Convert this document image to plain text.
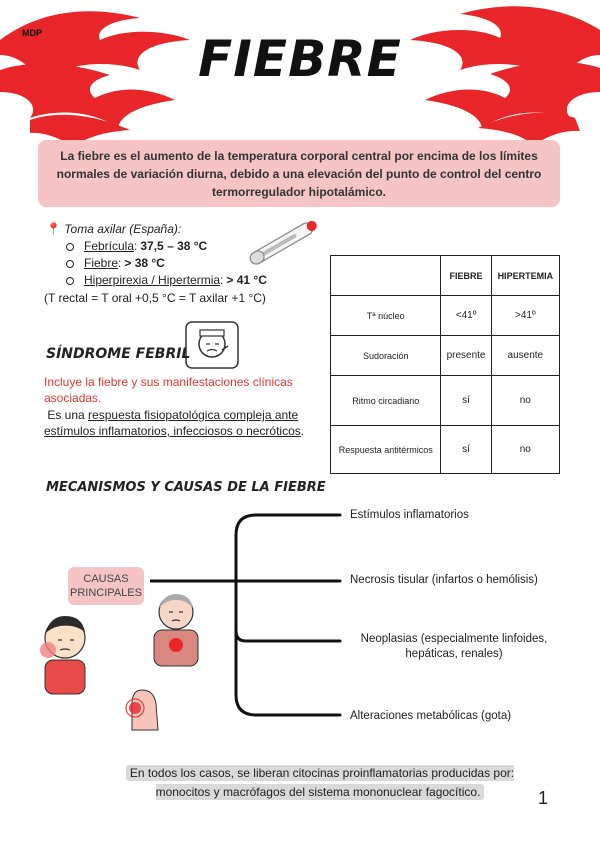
MDP	FIEBRE
La fiebre es el aumento de la temperatura corporal central por encima de los límites normales de variación diurna, debido a una elevación del punto de control del centro termorregulador hipotalámico.
📍 Toma axilar (España):
Febrícula : 37,5 – 38 °C
Fiebre : > 38 °C
Hiperpirexia / Hipertermia : > 41 °C
(T rectal = T oral +0,5 °C = T axilar +1 °C)
	FIEBRE	HIPERTEMIA
Tª núcleo	<41º	>41º
Sudoración	presente	ausente
Ritmo circadiano	sí	no
Respuesta antitérmicos	sí	no
SÍNDROME FEBRIL
Incluye la fiebre y sus manifestaciones clínicas asociadas.
Es una respuesta fisiopatológica compleja ante estímulos inflamatorios, infecciosos o necróticos.
MECANISMOS Y CAUSAS DE LA FIEBRE
CAUSAS PRINCIPALES
Estímulos inflamatorios
Necrosis tisular (infartos o hemólisis)
Neoplasias (especialmente linfoides, hepáticas, renales)
Alteraciones metabólicas (gota)
En todos los casos, se liberan citocinas proinflamatorias producidas por: monocitos y macrófagos del sistema mononuclear fagocítico.	1
